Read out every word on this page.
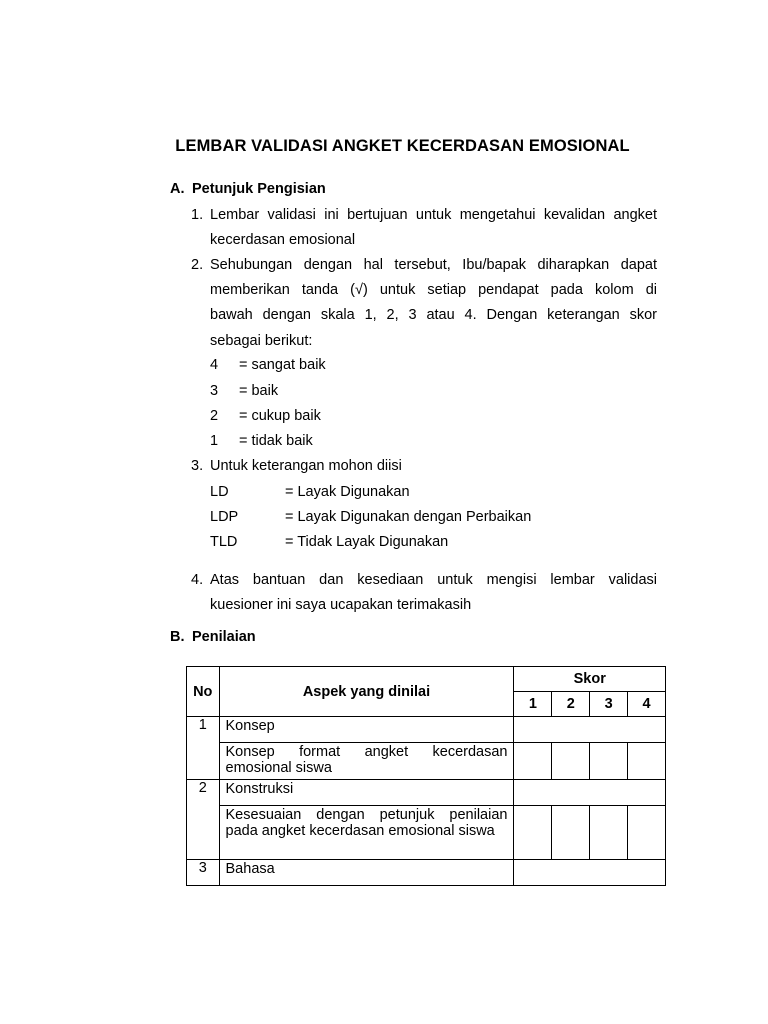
LEMBAR VALIDASI ANGKET KECERDASAN EMOSIONAL
A. Petunjuk Pengisian
1. Lembar validasi ini bertujuan untuk mengetahui kevalidan angket
kecerdasan emosional
2. Sehubungan dengan hal tersebut, Ibu/bapak diharapkan dapat
memberikan tanda (√) untuk setiap pendapat pada kolom di
bawah dengan skala 1, 2, 3 atau 4. Dengan keterangan skor
sebagai berikut:
4 = sangat baik
3 = baik
2 = cukup baik
1 = tidak baik
3. Untuk keterangan mohon diisi
LD	= Layak Digunakan
LDP	= Layak Digunakan dengan Perbaikan
TLD	= Tidak Layak Digunakan
4. Atas bantuan dan kesediaan untuk mengisi lembar validasi
kuesioner ini saya ucapakan terimakasih
B. Penilaian
No	Aspek yang dinilai	Skor			
		1	2	3	4
1	Konsep				

	Konsep format angket kecerdasan emosional siswa				

2	Konstruksi				

	Kesesuaian dengan petunjuk penilaian pada angket kecerdasan emosional siswa				

3	Bahasa				
